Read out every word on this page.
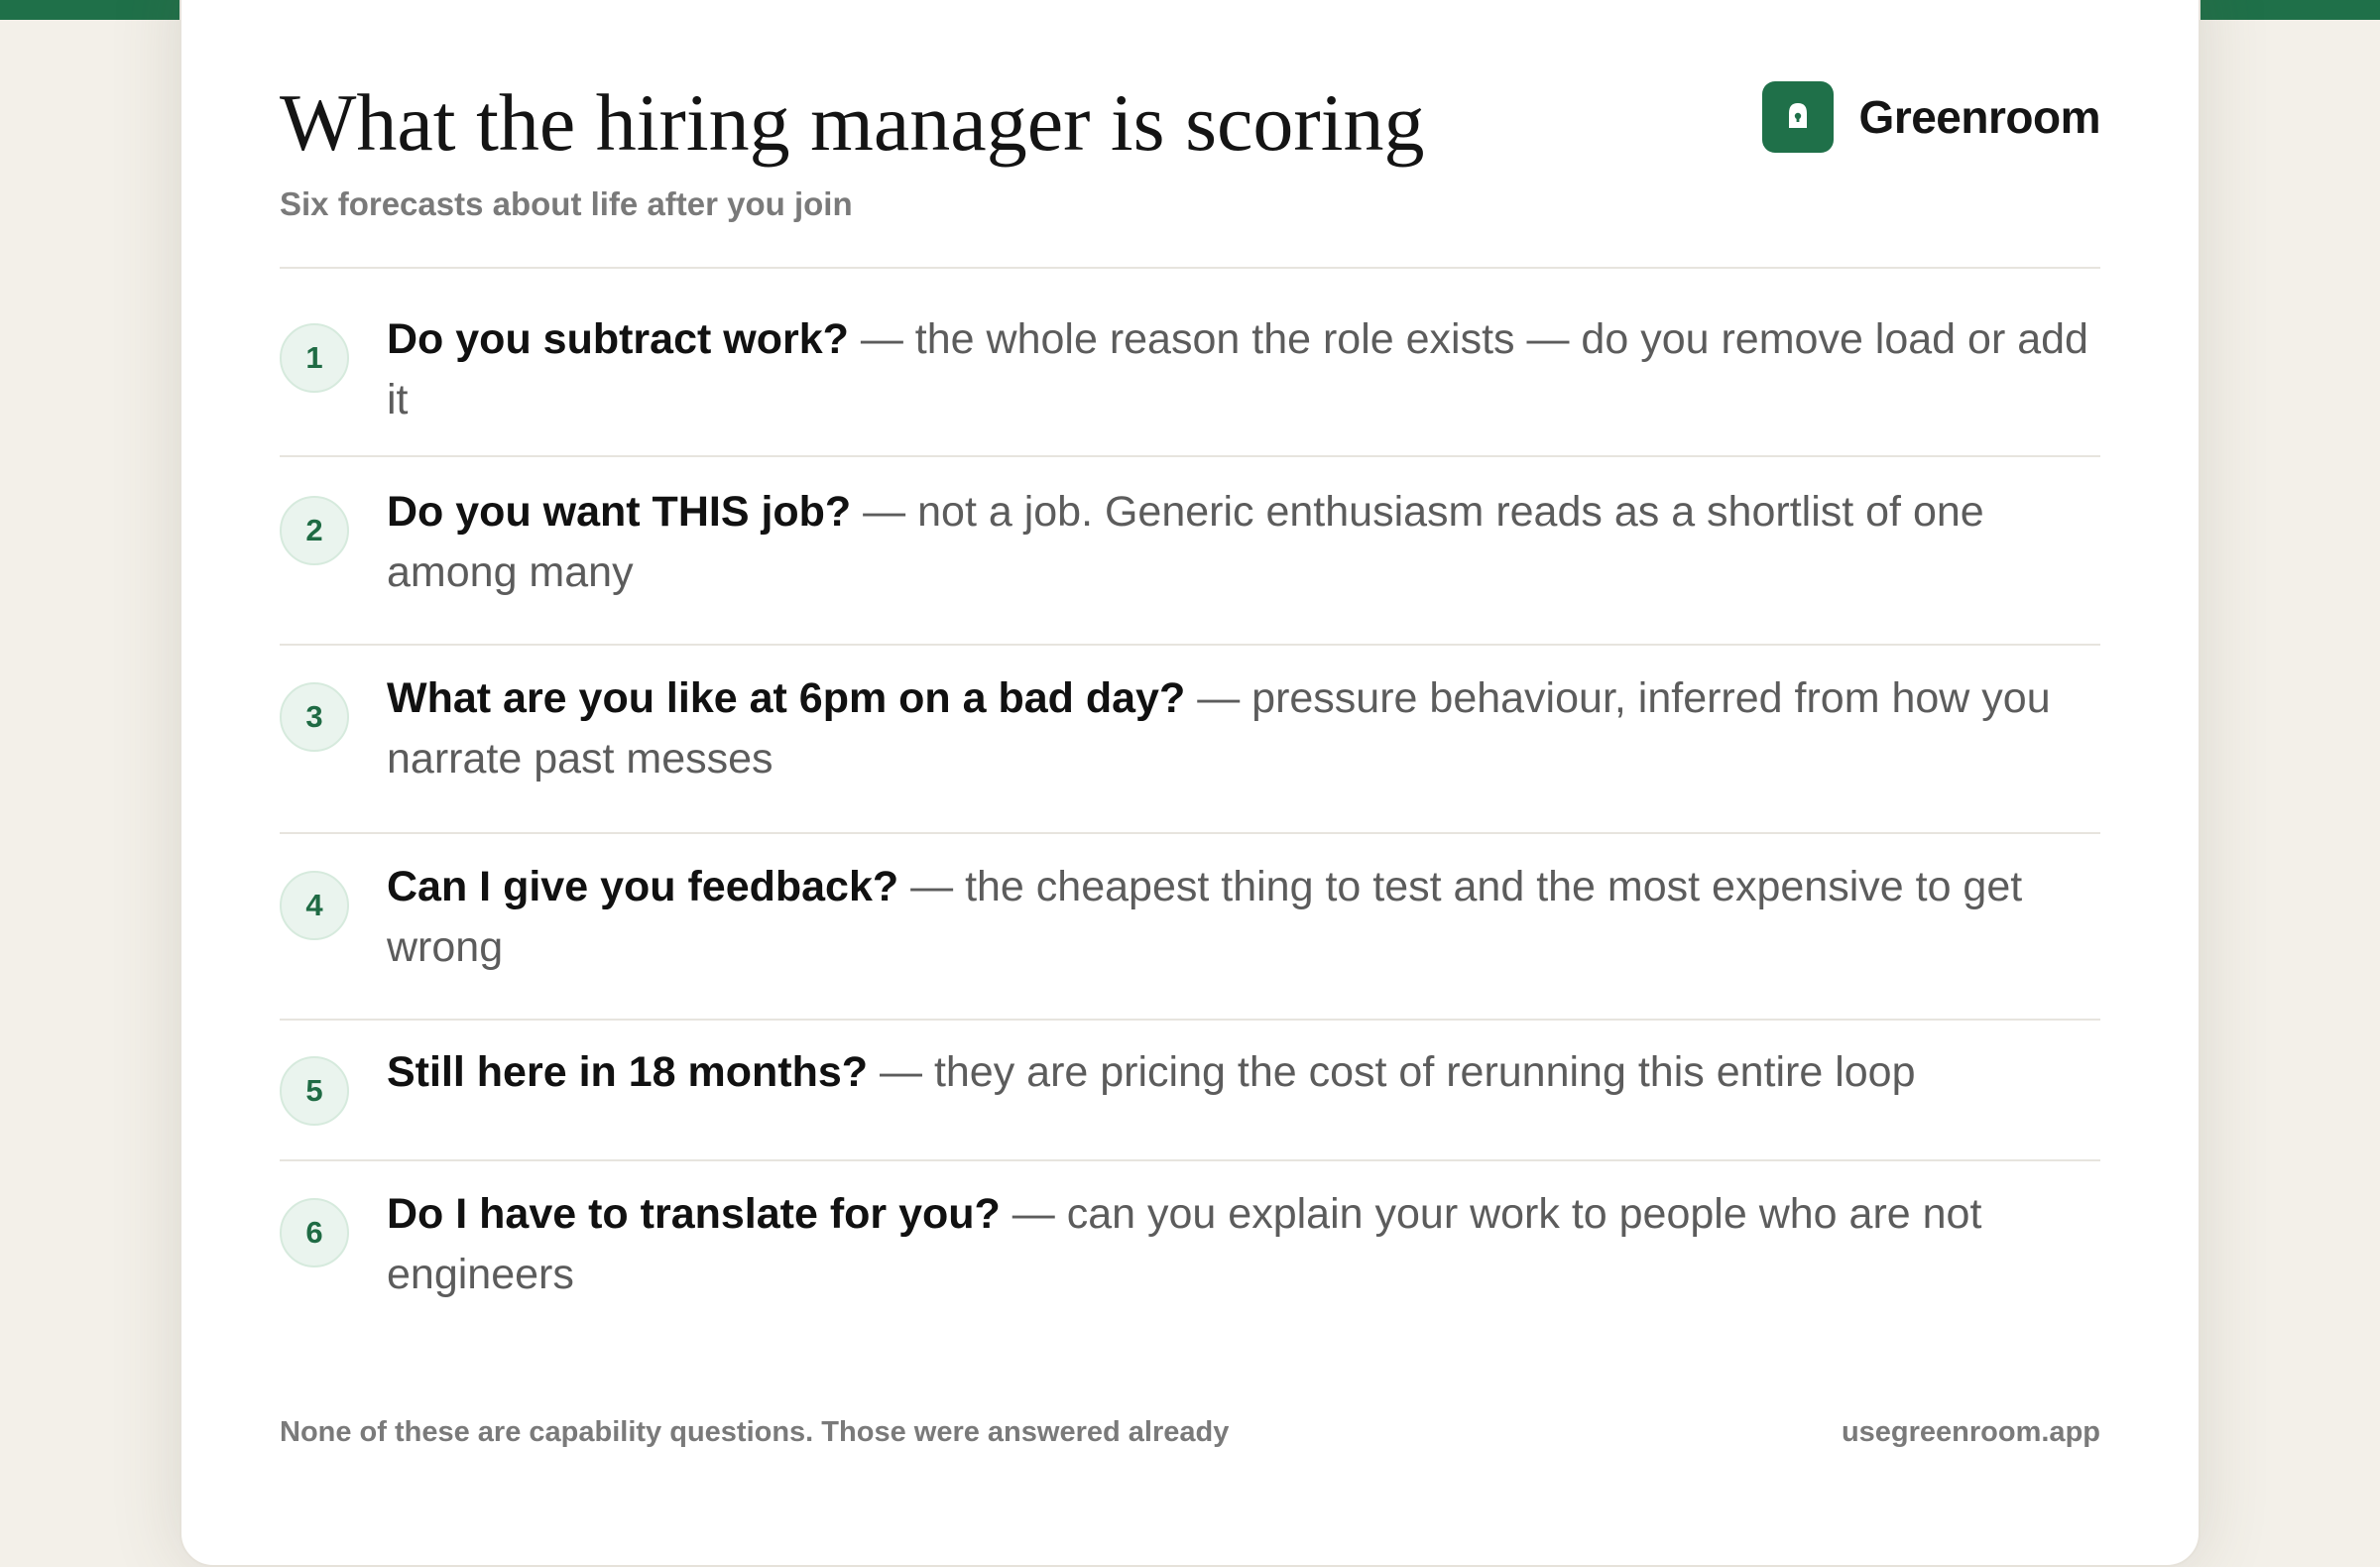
What the hiring manager is scoring
Six forecasts about life after you join
Greenroom
1	Do you subtract work? — the whole reason the role exists — do you remove load or add it
2	Do you want THIS job? — not a job. Generic enthusiasm reads as a shortlist of one among many
3	What are you like at 6pm on a bad day? — pressure behaviour, inferred from how you narrate past messes
4	Can I give you feedback? — the cheapest thing to test and the most expensive to get wrong
5	Still here in 18 months? — they are pricing the cost of rerunning this entire loop
6	Do I have to translate for you? — can you explain your work to people who are not engineers
None of these are capability questions. Those were answered already	usegreenroom.app
